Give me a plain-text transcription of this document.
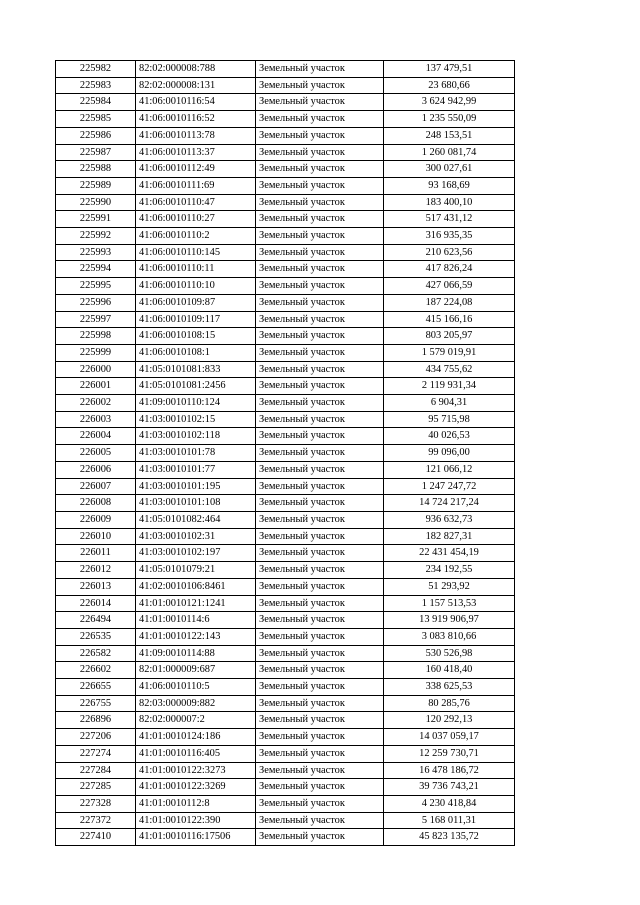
225982	82:02:000008:788	Земельный участок	137 479,51
225983	82:02:000008:131	Земельный участок	23 680,66
225984	41:06:0010116:54	Земельный участок	3 624 942,99
225985	41:06:0010116:52	Земельный участок	1 235 550,09
225986	41:06:0010113:78	Земельный участок	248 153,51
225987	41:06:0010113:37	Земельный участок	1 260 081,74
225988	41:06:0010112:49	Земельный участок	300 027,61
225989	41:06:0010111:69	Земельный участок	93 168,69
225990	41:06:0010110:47	Земельный участок	183 400,10
225991	41:06:0010110:27	Земельный участок	517 431,12
225992	41:06:0010110:2	Земельный участок	316 935,35
225993	41:06:0010110:145	Земельный участок	210 623,56
225994	41:06:0010110:11	Земельный участок	417 826,24
225995	41:06:0010110:10	Земельный участок	427 066,59
225996	41:06:0010109:87	Земельный участок	187 224,08
225997	41:06:0010109:117	Земельный участок	415 166,16
225998	41:06:0010108:15	Земельный участок	803 205,97
225999	41:06:0010108:1	Земельный участок	1 579 019,91
226000	41:05:0101081:833	Земельный участок	434 755,62
226001	41:05:0101081:2456	Земельный участок	2 119 931,34
226002	41:09:0010110:124	Земельный участок	6 904,31
226003	41:03:0010102:15	Земельный участок	95 715,98
226004	41:03:0010102:118	Земельный участок	40 026,53
226005	41:03:0010101:78	Земельный участок	99 096,00
226006	41:03:0010101:77	Земельный участок	121 066,12
226007	41:03:0010101:195	Земельный участок	1 247 247,72
226008	41:03:0010101:108	Земельный участок	14 724 217,24
226009	41:05:0101082:464	Земельный участок	936 632,73
226010	41:03:0010102:31	Земельный участок	182 827,31
226011	41:03:0010102:197	Земельный участок	22 431 454,19
226012	41:05:0101079:21	Земельный участок	234 192,55
226013	41:02:0010106:8461	Земельный участок	51 293,92
226014	41:01:0010121:1241	Земельный участок	1 157 513,53
226494	41:01:0010114:6	Земельный участок	13 919 906,97
226535	41:01:0010122:143	Земельный участок	3 083 810,66
226582	41:09:0010114:88	Земельный участок	530 526,98
226602	82:01:000009:687	Земельный участок	160 418,40
226655	41:06:0010110:5	Земельный участок	338 625,53
226755	82:03:000009:882	Земельный участок	80 285,76
226896	82:02:000007:2	Земельный участок	120 292,13
227206	41:01:0010124:186	Земельный участок	14 037 059,17
227274	41:01:0010116:405	Земельный участок	12 259 730,71
227284	41:01:0010122:3273	Земельный участок	16 478 186,72
227285	41:01:0010122:3269	Земельный участок	39 736 743,21
227328	41:01:0010112:8	Земельный участок	4 230 418,84
227372	41:01:0010122:390	Земельный участок	5 168 011,31
227410	41:01:0010116:17506	Земельный участок	45 823 135,72
